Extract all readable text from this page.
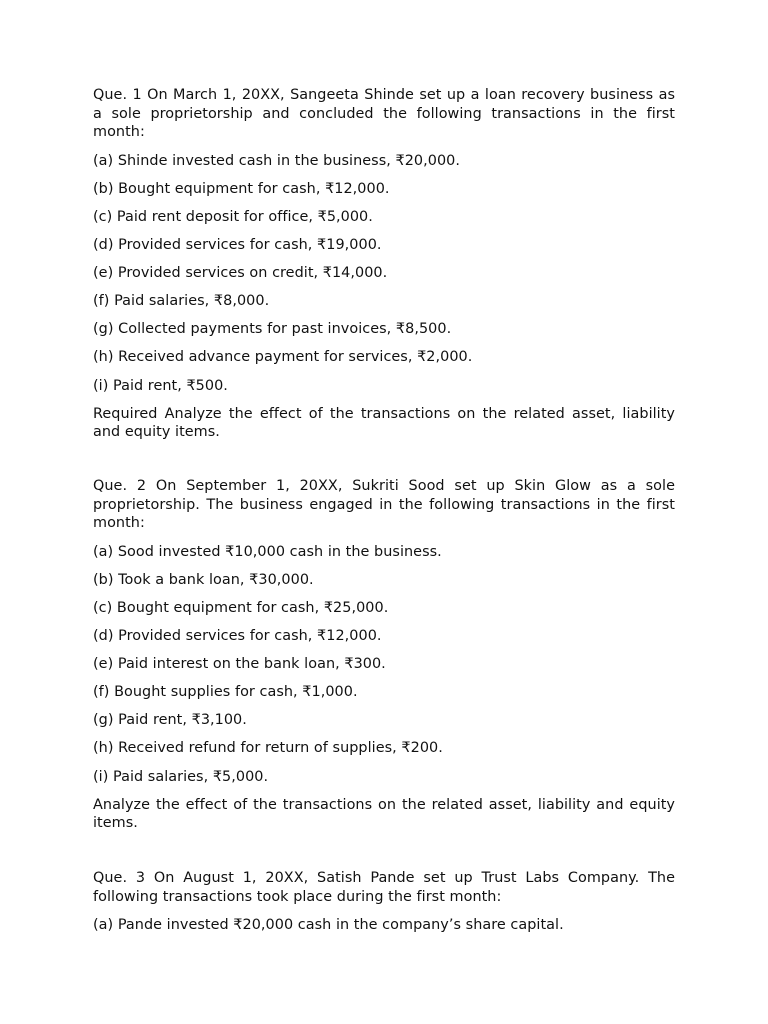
Que. 1 On March 1, 20XX, Sangeeta Shinde set up a loan recovery business as a sole proprietorship and concluded the following transactions in the first month:

(a) Shinde invested cash in the business, ₹20,000.

(b) Bought equipment for cash, ₹12,000.

(c) Paid rent deposit for office, ₹5,000.

(d) Provided services for cash, ₹19,000.

(e) Provided services on credit, ₹14,000.

(f) Paid salaries, ₹8,000.

(g) Collected payments for past invoices, ₹8,500.

(h) Received advance payment for services, ₹2,000.

(i) Paid rent, ₹500.

Required Analyze the effect of the transactions on the related asset, liability and equity items.

Que. 2 On September 1, 20XX, Sukriti Sood set up Skin Glow as a sole proprietorship. The business engaged in the following transactions in the first month:

(a) Sood invested ₹10,000 cash in the business.

(b) Took a bank loan, ₹30,000.

(c) Bought equipment for cash, ₹25,000.

(d) Provided services for cash, ₹12,000.

(e) Paid interest on the bank loan, ₹300.

(f) Bought supplies for cash, ₹1,000.

(g) Paid rent, ₹3,100.

(h) Received refund for return of supplies, ₹200.

(i) Paid salaries, ₹5,000.

Analyze the effect of the transactions on the related asset, liability and equity items.

Que. 3 On August 1, 20XX, Satish Pande set up Trust Labs Company. The following transactions took place during the first month:

(a) Pande invested ₹20,000 cash in the company’s share capital.
